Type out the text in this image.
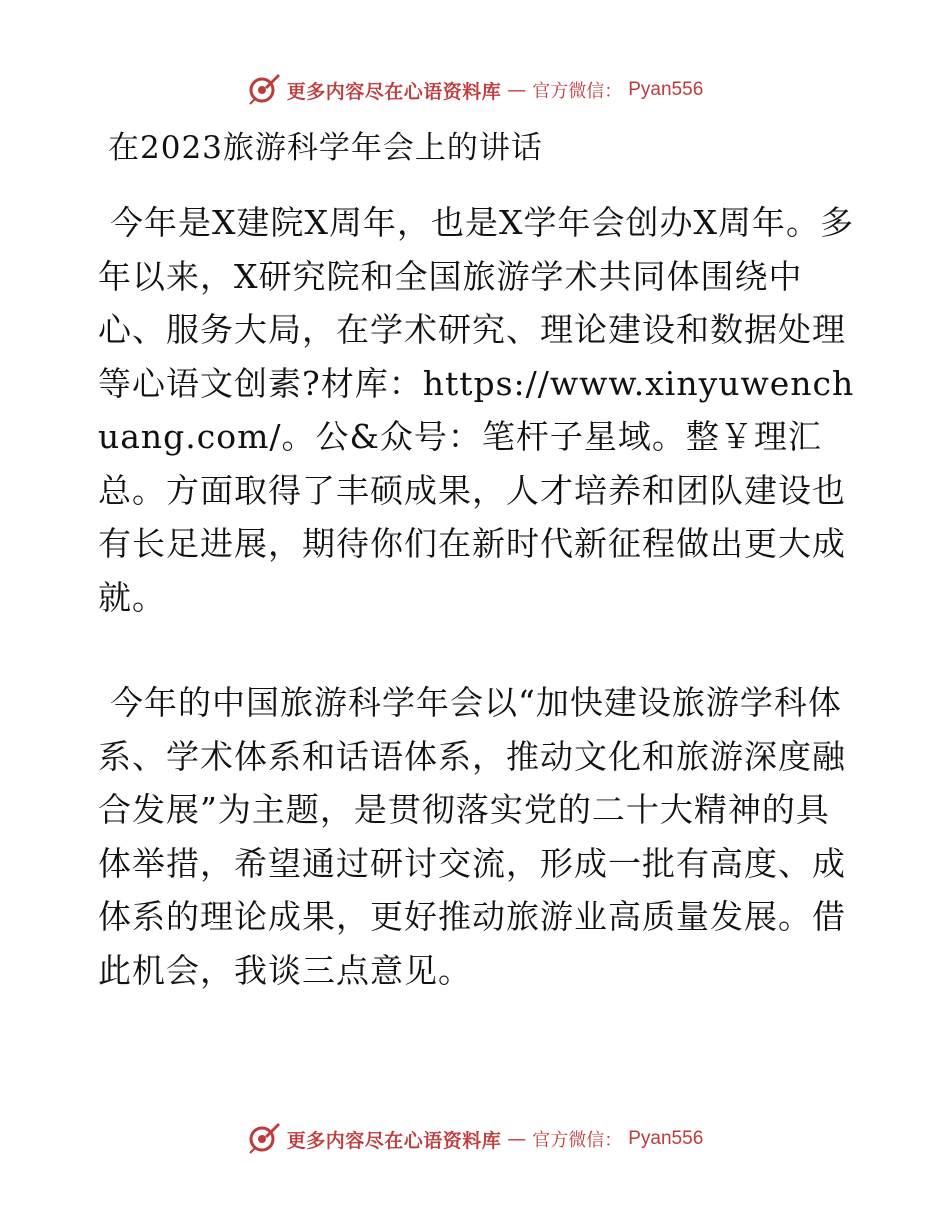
更多内容尽在心语资料库 — 官方微信： Pyan556
在2023旅游科学年会上的讲话

今年是X建院X周年，也是X学年会创办X周年。多年以来，X研究院和全国旅游学术共同体围绕中心、服务大局，在学术研究、理论建设和数据处理等心语文创素?材库：https://www.xinyuwenchuang.com/。公&众号：笔杆子星域。整￥理汇总。方面取得了丰硕成果，人才培养和团队建设也有长足进展，期待你们在新时代新征程做出更大成就。

今年的中国旅游科学年会以“加快建设旅游学科体系、学术体系和话语体系，推动文化和旅游深度融合发展”为主题，是贯彻落实党的二十大精神的具体举措，希望通过研讨交流，形成一批有高度、成体系的理论成果，更好推动旅游业高质量发展。借此机会，我谈三点意见。

更多内容尽在心语资料库 — 官方微信： Pyan556
